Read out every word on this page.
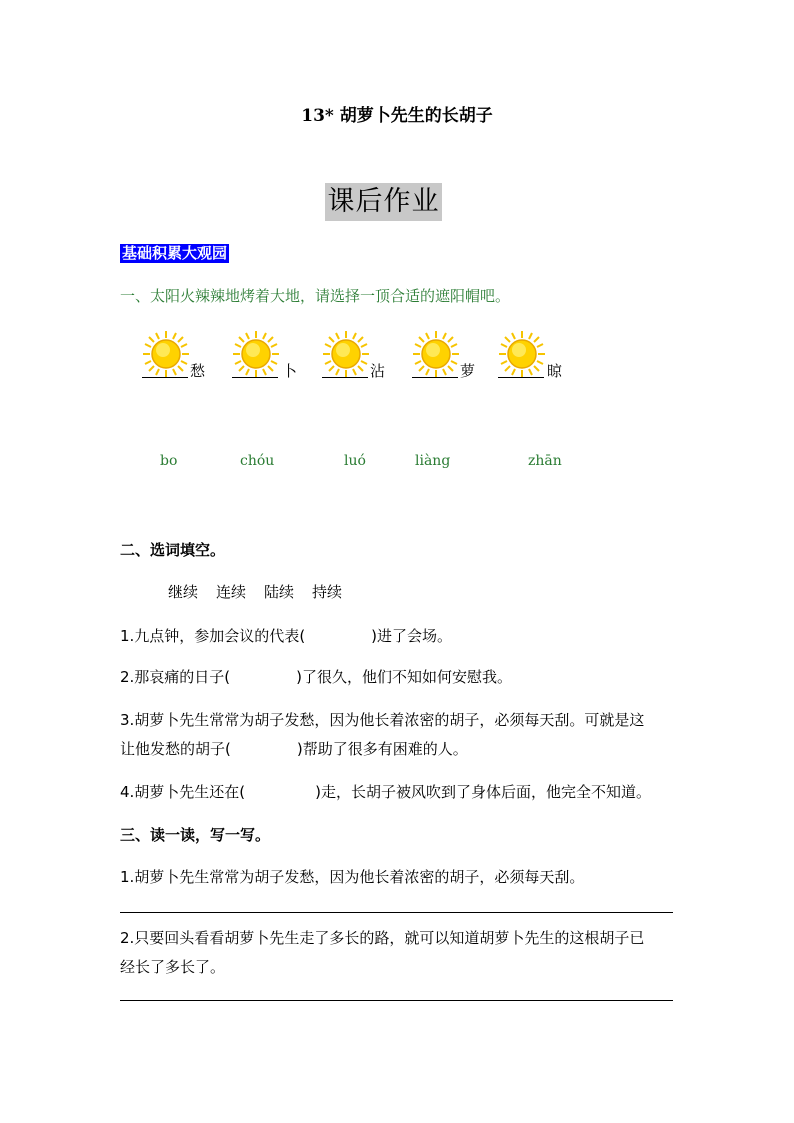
13* 胡萝卜先生的长胡子
课后作业
基础积累大观园
一、太阳火辣辣地烤着大地，请选择一顶合适的遮阳帽吧。
愁	卜	沾	萝	晾
bo	chóu	luó	liàng	zhān
二、选词填空。
继续 连续 陆续 持续
1.九点钟，参加会议的代表(	)进了会场。
2.那哀痛的日子(	)了很久，他们不知如何安慰我。
3.胡萝卜先生常常为胡子发愁，因为他长着浓密的胡子，必须每天刮。可就是这
让他发愁的胡子(	)帮助了很多有困难的人。
4.胡萝卜先生还在(	)走，长胡子被风吹到了身体后面，他完全不知道。
三、读一读，写一写。
1.胡萝卜先生常常为胡子发愁，因为他长着浓密的胡子，必须每天刮。
2.只要回头看看胡萝卜先生走了多长的路，就可以知道胡萝卜先生的这根胡子已
经长了多长了。
